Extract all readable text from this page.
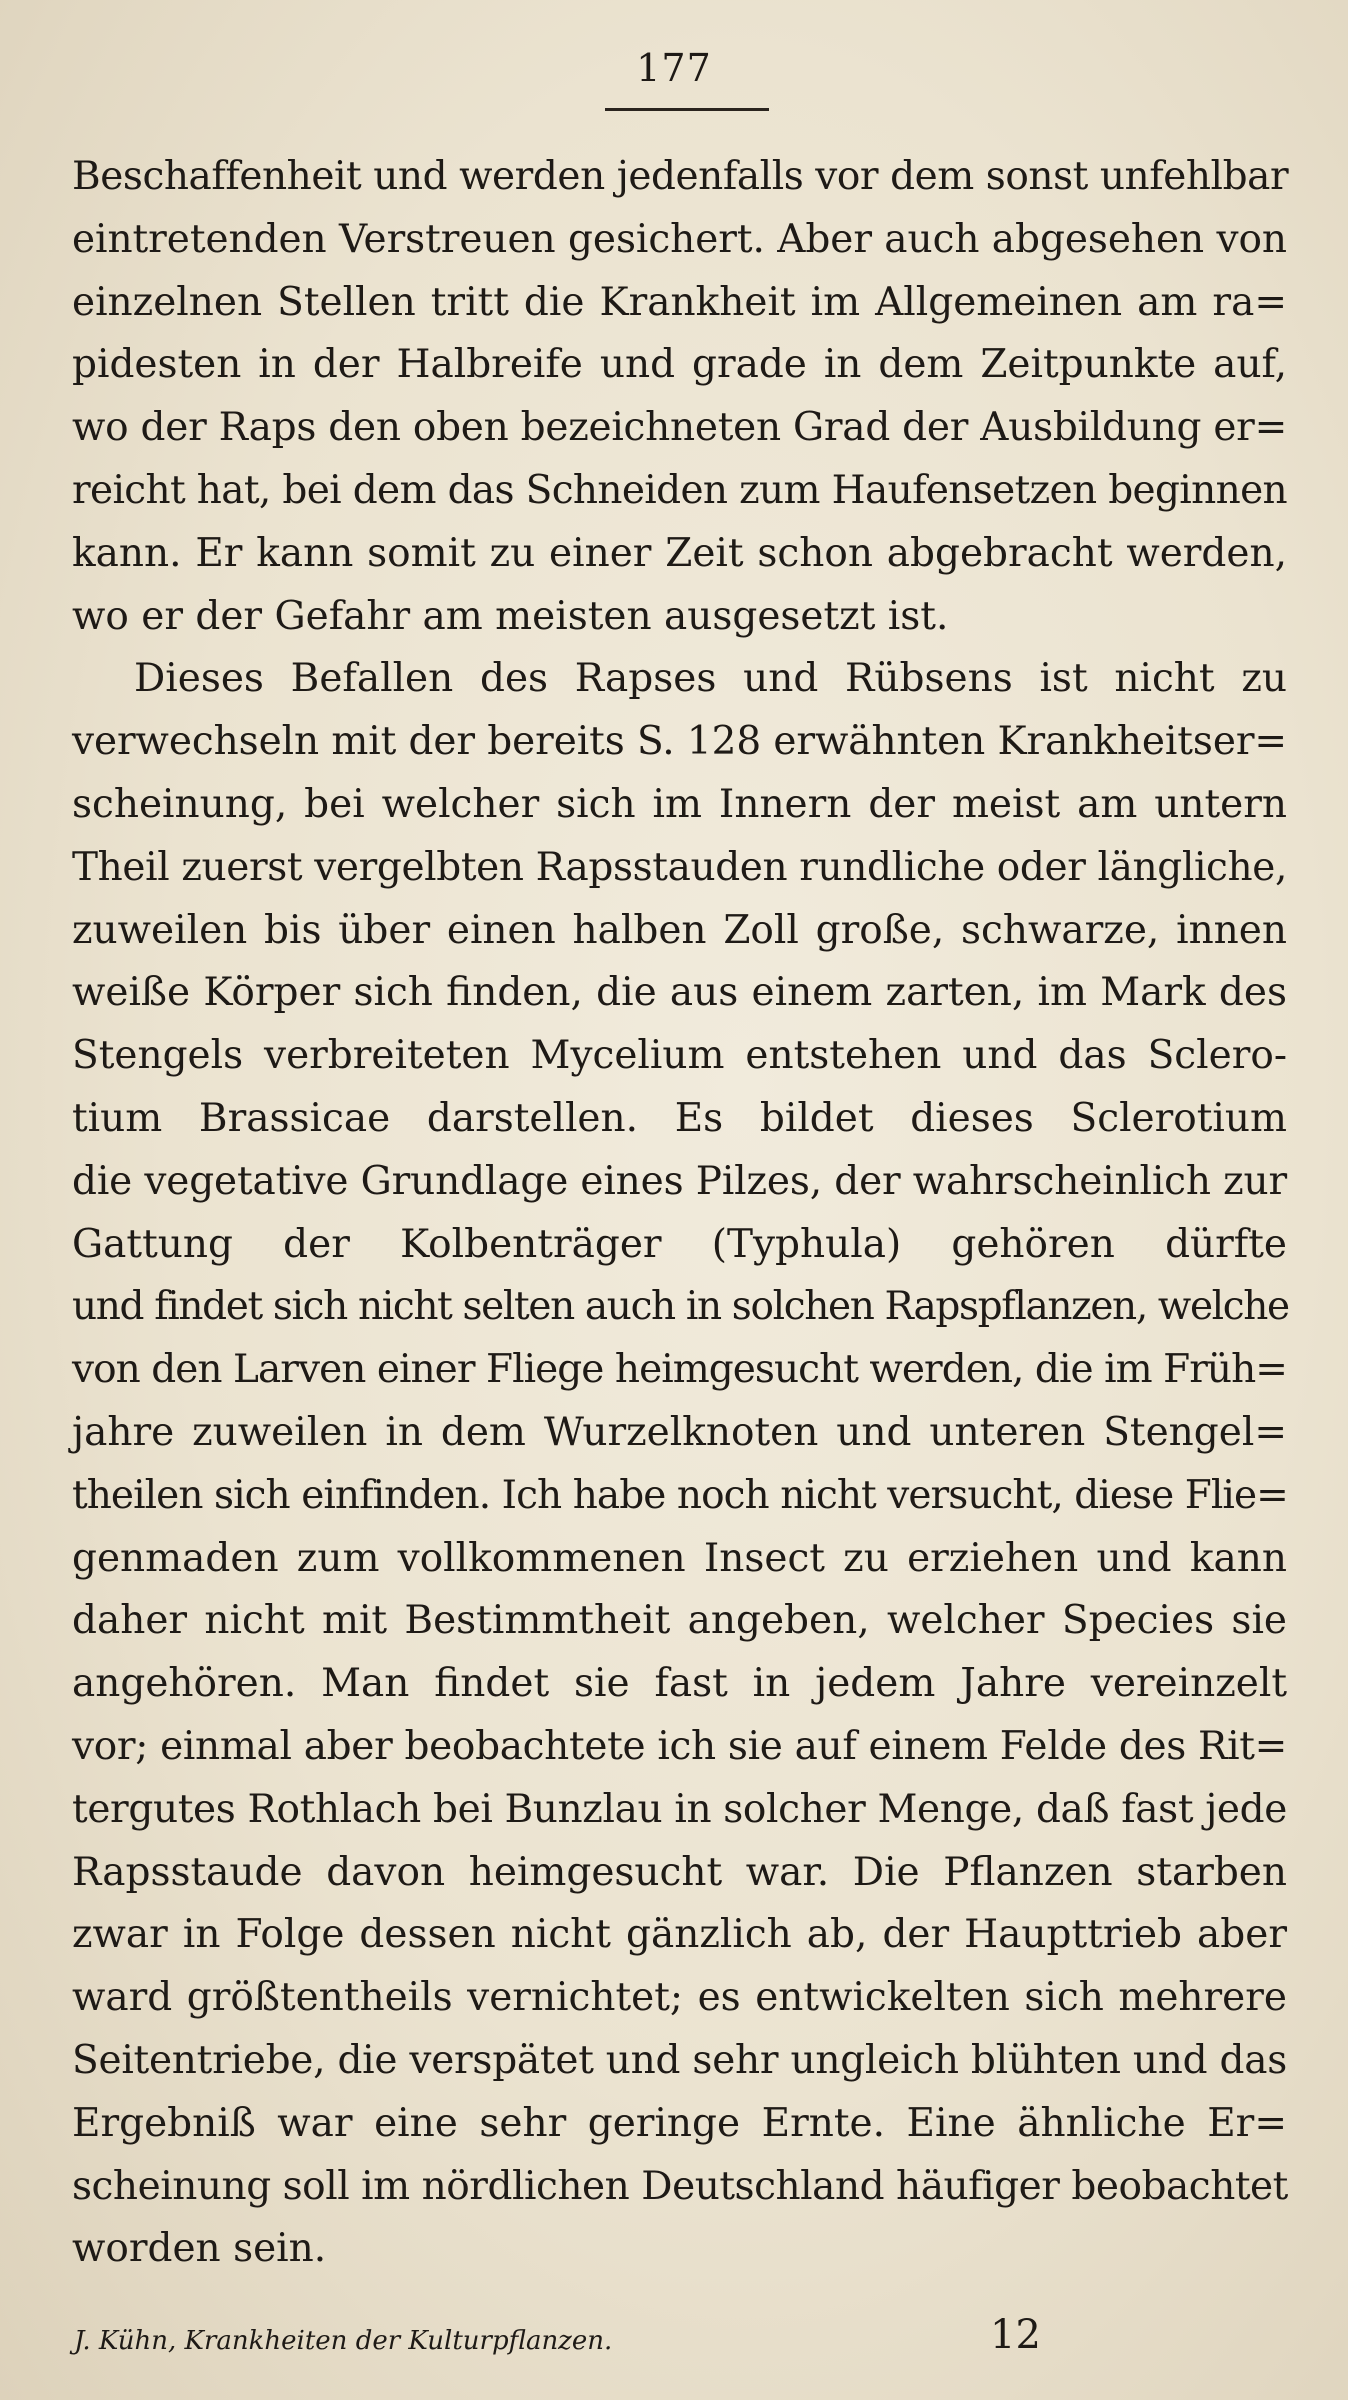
177
Beschaffenheit und werden jedenfalls vor dem sonst unfehlbar
eintretenden Verstreuen gesichert. Aber auch abgesehen von
einzelnen Stellen tritt die Krankheit im Allgemeinen am ra=
pidesten in der Halbreife und grade in dem Zeitpunkte auf,
wo der Raps den oben bezeichneten Grad der Ausbildung er=
reicht hat, bei dem das Schneiden zum Haufensetzen beginnen
kann. Er kann somit zu einer Zeit schon abgebracht werden,
wo er der Gefahr am meisten ausgesetzt ist.
Dieses Befallen des Rapses und Rübsens ist nicht zu
verwechseln mit der bereits S. 128 erwähnten Krankheitser=
scheinung, bei welcher sich im Innern der meist am untern
Theil zuerst vergelbten Rapsstauden rundliche oder längliche,
zuweilen bis über einen halben Zoll große, schwarze, innen
weiße Körper sich finden, die aus einem zarten, im Mark des
Stengels verbreiteten Mycelium entstehen und das Sclero-
tium Brassicae darstellen. Es bildet dieses Sclerotium
die vegetative Grundlage eines Pilzes, der wahrscheinlich zur
Gattung der Kolbenträger (Typhula) gehören dürfte
und findet sich nicht selten auch in solchen Rapspflanzen, welche
von den Larven einer Fliege heimgesucht werden, die im Früh=
jahre zuweilen in dem Wurzelknoten und unteren Stengel=
theilen sich einfinden. Ich habe noch nicht versucht, diese Flie=
genmaden zum vollkommenen Insect zu erziehen und kann
daher nicht mit Bestimmtheit angeben, welcher Species sie
angehören. Man findet sie fast in jedem Jahre vereinzelt
vor; einmal aber beobachtete ich sie auf einem Felde des Rit=
tergutes Rothlach bei Bunzlau in solcher Menge, daß fast jede
Rapsstaude davon heimgesucht war. Die Pflanzen starben
zwar in Folge dessen nicht gänzlich ab, der Haupttrieb aber
ward größtentheils vernichtet; es entwickelten sich mehrere
Seitentriebe, die verspätet und sehr ungleich blühten und das
Ergebniß war eine sehr geringe Ernte. Eine ähnliche Er=
scheinung soll im nördlichen Deutschland häufiger beobachtet
worden sein.
J. Kühn, Krankheiten der Kulturpflanzen.	12
